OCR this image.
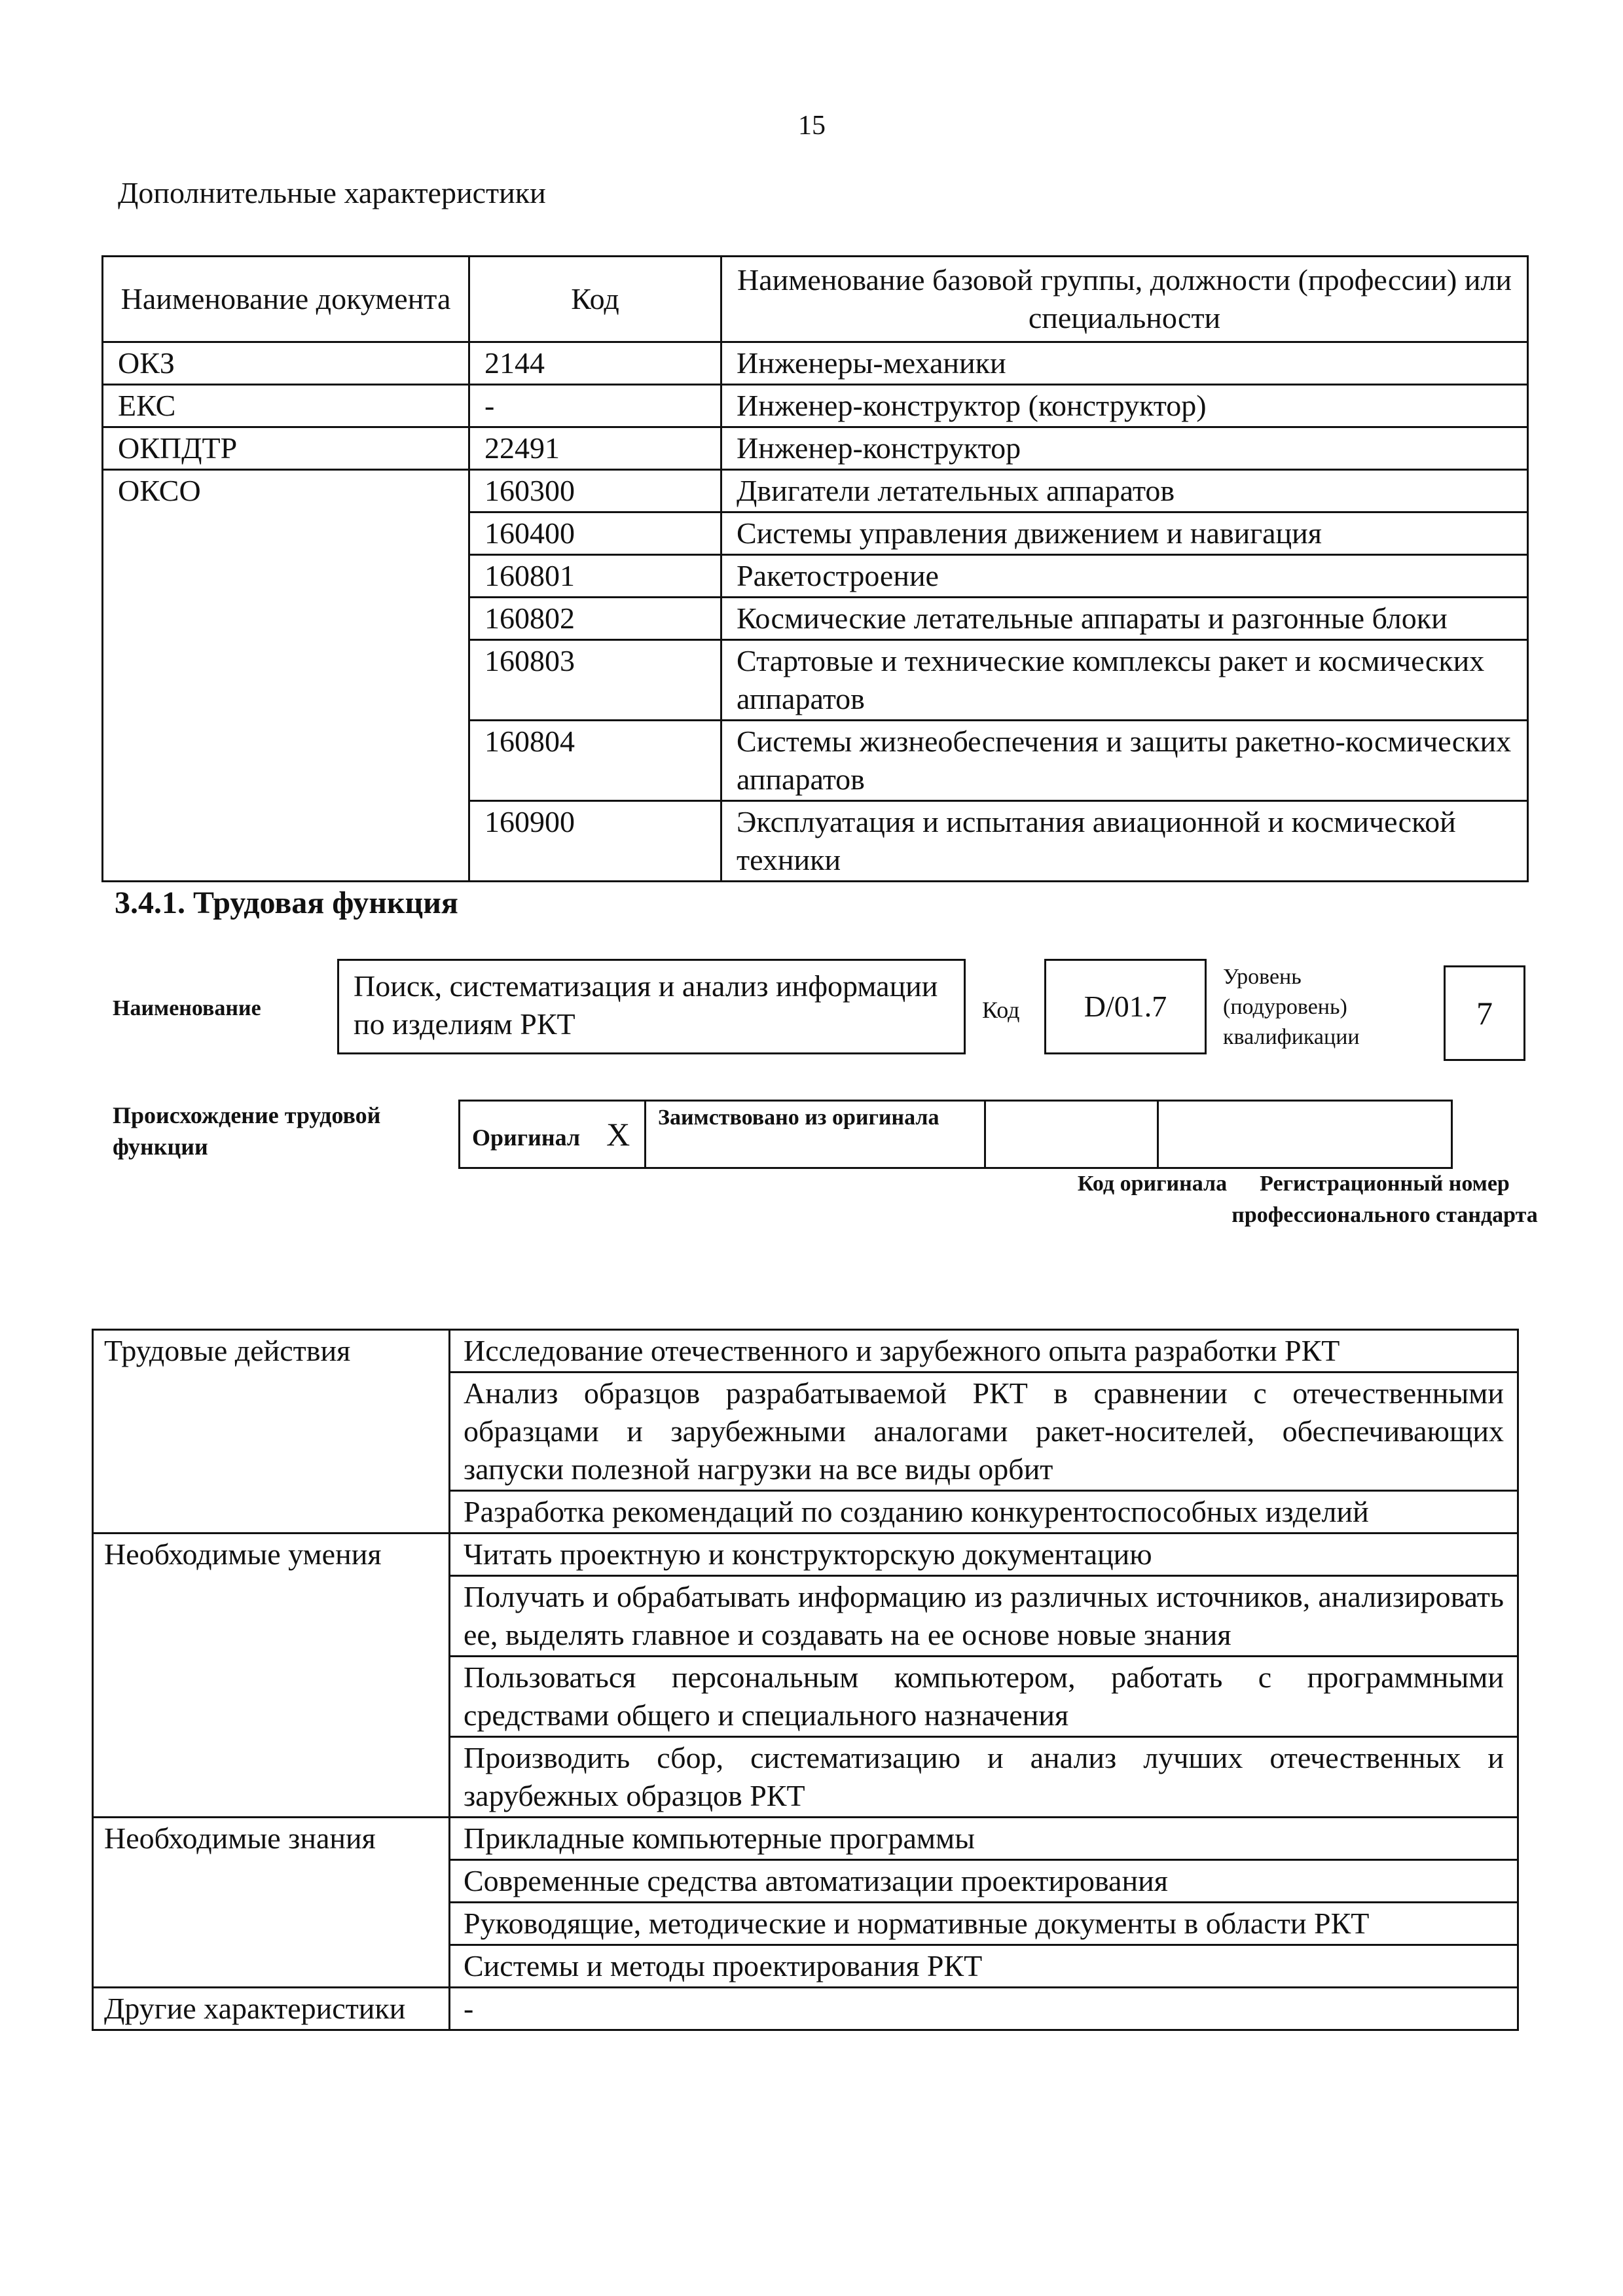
15
Дополнительные характеристики
Наименование документа	Код	Наименование базовой группы, должности (профессии) или специальности
ОКЗ	2144	Инженеры-механики
ЕКС	-	Инженер-конструктор (конструктор)
ОКПДТР	22491	Инженер-конструктор
ОКСО	160300	Двигатели летательных аппаратов
	160400	Системы управления движением и навигация
	160801	Ракетостроение
	160802	Космические летательные аппараты и разгонные блоки
	160803	Стартовые и технические комплексы ракет и космических аппаратов
	160804	Системы жизнеобеспечения и защиты ракетно-космических аппаратов
	160900	Эксплуатация и испытания авиационной и космической техники
3.4.1. Трудовая функция
Наименование
Поиск, систематизация и анализ информации по изделиям РКТ	Код	D/01.7
Уровень (подуровень) квалификации
7
Происхождение трудовой функции	Оригинал X	Заимствовано из оригинала		
Код оригинала	Регистрационный номер профессионального стандарта
Трудовые действия	Исследование отечественного и зарубежного опыта разработки РКТ
	Анализ образцов разрабатываемой РКТ в сравнении с отечественными образцами и зарубежными аналогами ракет-носителей, обеспечивающих запуски полезной нагрузки на все виды орбит
	Разработка рекомендаций по созданию конкурентоспособных изделий
Необходимые умения	Читать проектную и конструкторскую документацию
	Получать и обрабатывать информацию из различных источников, анализировать ее, выделять главное и создавать на ее основе новые знания
	Пользоваться персональным компьютером, работать с программными средствами общего и специального назначения
	Производить сбор, систематизацию и анализ лучших отечественных и зарубежных образцов РКТ
Необходимые знания	Прикладные компьютерные программы
	Современные средства автоматизации проектирования
	Руководящие, методические и нормативные документы в области РКТ
	Системы и методы проектирования РКТ
Другие характеристики	-
